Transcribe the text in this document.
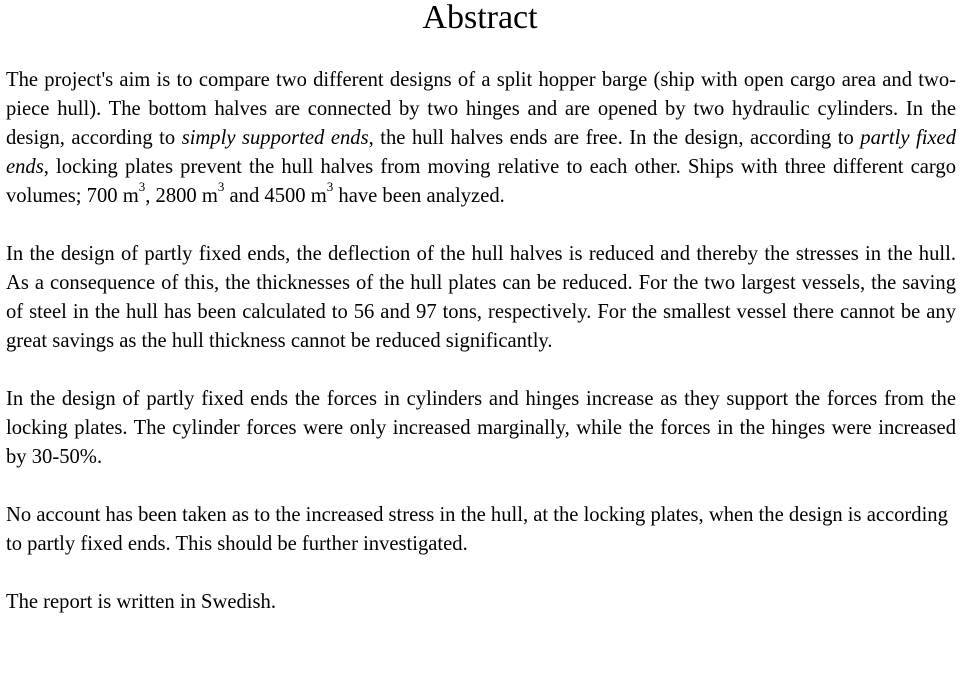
Abstract

The project's aim is to compare two different designs of a split hopper barge (ship with open cargo area and two-piece hull). The bottom halves are connected by two hinges and are opened by two hydraulic cylinders. In the design, according to simply supported ends, the hull halves ends are free. In the design, according to partly fixed ends, locking plates prevent the hull halves from moving relative to each other. Ships with three different cargo volumes; 700 $m^3$, 2800 $m^3$ and 4500 $m^3$ have been analyzed.

In the design of partly fixed ends, the deflection of the hull halves is reduced and thereby the stresses in the hull. As a consequence of this, the thicknesses of the hull plates can be reduced. For the two largest vessels, the saving of steel in the hull has been calculated to 56 and 97 tons, respectively. For the smallest vessel there cannot be any great savings as the hull thickness cannot be reduced significantly.

In the design of partly fixed ends the forces in cylinders and hinges increase as they support the forces from the locking plates. The cylinder forces were only increased marginally, while the forces in the hinges were increased by 30-50%.

No account has been taken as to the increased stress in the hull, at the locking plates, when the design is according to partly fixed ends. This should be further investigated.

The report is written in Swedish.
